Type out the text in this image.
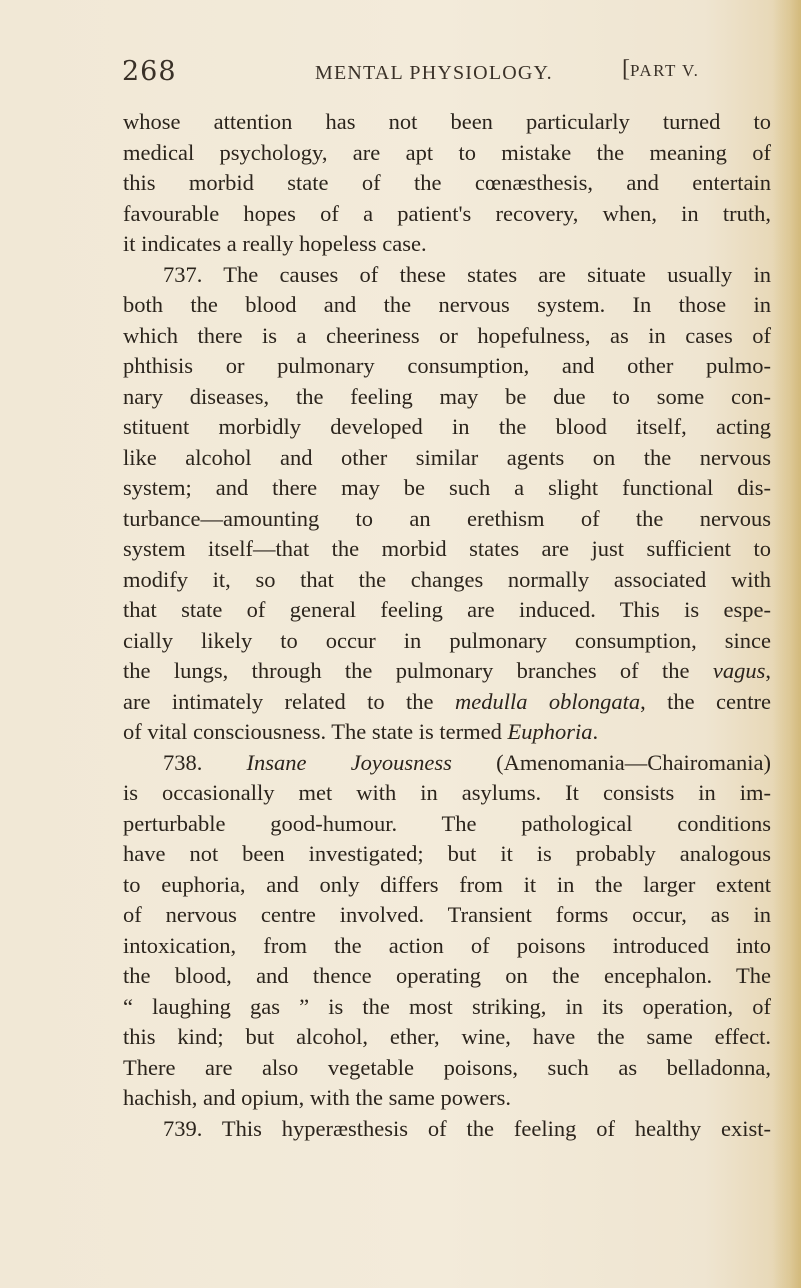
268	MENTAL PHYSIOLOGY.	[PART V.
whose attention has not been particularly turned to
medical psychology, are apt to mistake the meaning of
this morbid state of the cœnæsthesis, and entertain
favourable hopes of a patient's recovery, when, in truth,
it indicates a really hopeless case.
737. The causes of these states are situate usually in
both the blood and the nervous system. In those in
which there is a cheeriness or hopefulness, as in cases of
phthisis or pulmonary consumption, and other pulmo-
nary diseases, the feeling may be due to some con-
stituent morbidly developed in the blood itself, acting
like alcohol and other similar agents on the nervous
system; and there may be such a slight functional dis-
turbance—amounting to an erethism of the nervous
system itself—that the morbid states are just sufficient to
modify it, so that the changes normally associated with
that state of general feeling are induced. This is espe-
cially likely to occur in pulmonary consumption, since
the lungs, through the pulmonary branches of the vagus,
are intimately related to the medulla oblongata, the centre
of vital consciousness. The state is termed Euphoria.
738. Insane Joyousness (Amenomania—Chairomania)
is occasionally met with in asylums. It consists in im-
perturbable good-humour. The pathological conditions
have not been investigated; but it is probably analogous
to euphoria, and only differs from it in the larger extent
of nervous centre involved. Transient forms occur, as in
intoxication, from the action of poisons introduced into
the blood, and thence operating on the encephalon. The
“ laughing gas ” is the most striking, in its operation, of
this kind; but alcohol, ether, wine, have the same effect.
There are also vegetable poisons, such as belladonna,
hachish, and opium, with the same powers.
739. This hyperæsthesis of the feeling of healthy exist-
